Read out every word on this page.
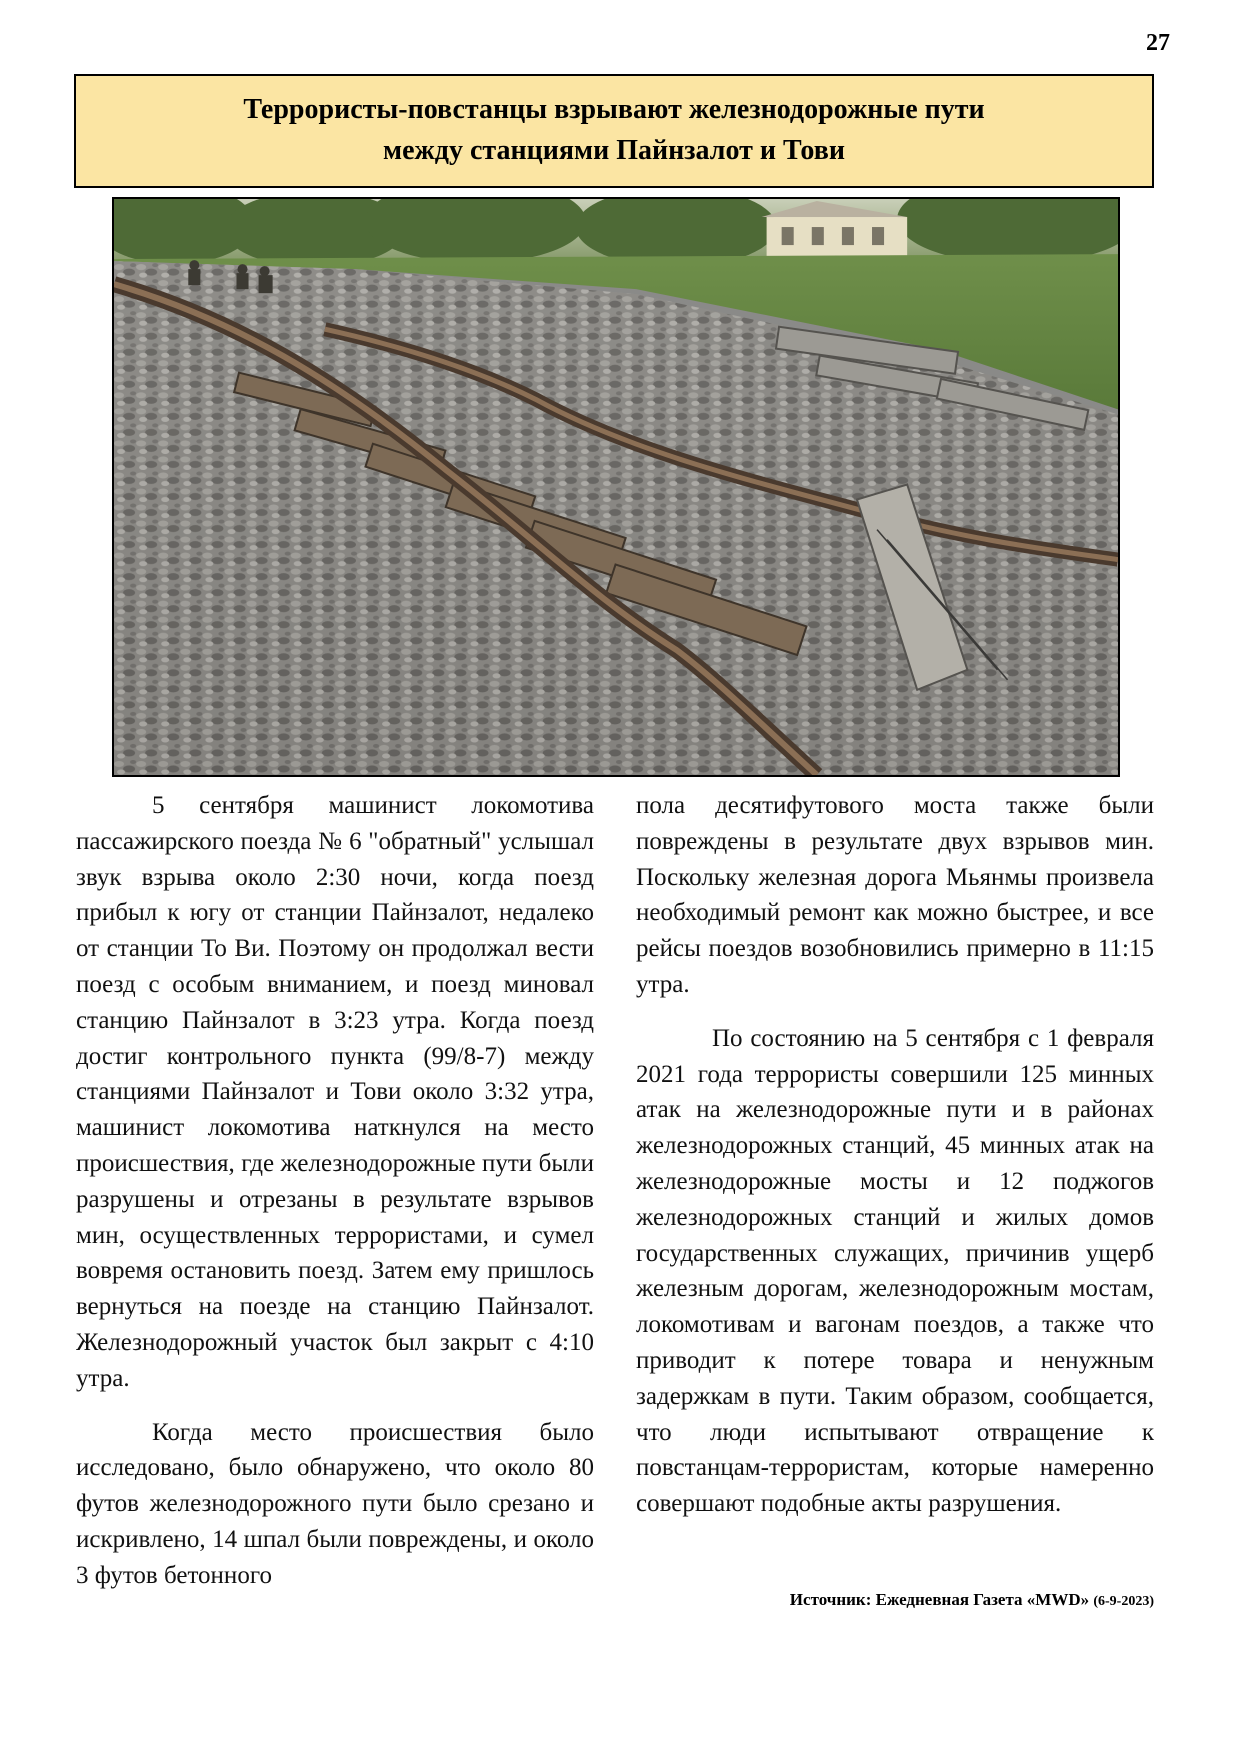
27
Террористы-повстанцы взрывают железнодорожные пути
между станциями Пайнзалот и Тови

5 сентября машинист локомотива пассажирского поезда № 6 "обратный" услышал звук взрыва около 2:30 ночи, когда поезд прибыл к югу от станции Пайнзалот, недалеко от станции То Ви. Поэтому он продолжал вести поезд с особым вниманием, и поезд миновал станцию Пайнзалот в 3:23 утра. Когда поезд достиг контрольного пункта (99/8-7) между станциями Пайнзалот и Тови около 3:32 утра, машинист локомотива наткнулся на место происшествия, где железнодорожные пути были разрушены и отрезаны в результате взрывов мин, осуществленных террористами, и сумел вовремя остановить поезд. Затем ему пришлось вернуться на поезде на станцию Пайнзалот. Железнодорожный участок был закрыт с 4:10 утра.

Когда место происшествия было исследовано, было обнаружено, что около 80 футов железнодорожного пути было срезано и искривлено, 14 шпал были повреждены, и около 3 футов бетонного

пола десятифутового моста также были повреждены в результате двух взрывов мин. Поскольку железная дорога Мьянмы произвела необходимый ремонт как можно быстрее, и все рейсы поездов возобновились примерно в 11:15 утра.

По состоянию на 5 сентября с 1 февраля 2021 года террористы совершили 125 минных атак на железнодорожные пути и в районах железнодорожных станций, 45 минных атак на железнодорожные мосты и 12 поджогов железнодорожных станций и жилых домов государственных служащих, причинив ущерб железным дорогам, железнодорожным мостам, локомотивам и вагонам поездов, а также что приводит к потере товара и ненужным задержкам в пути. Таким образом, сообщается, что люди испытывают отвращение к повстанцам-террористам, которые намеренно совершают подобные акты разрушения.

Источник: Ежедневная Газета «MWD» (6-9-2023)
